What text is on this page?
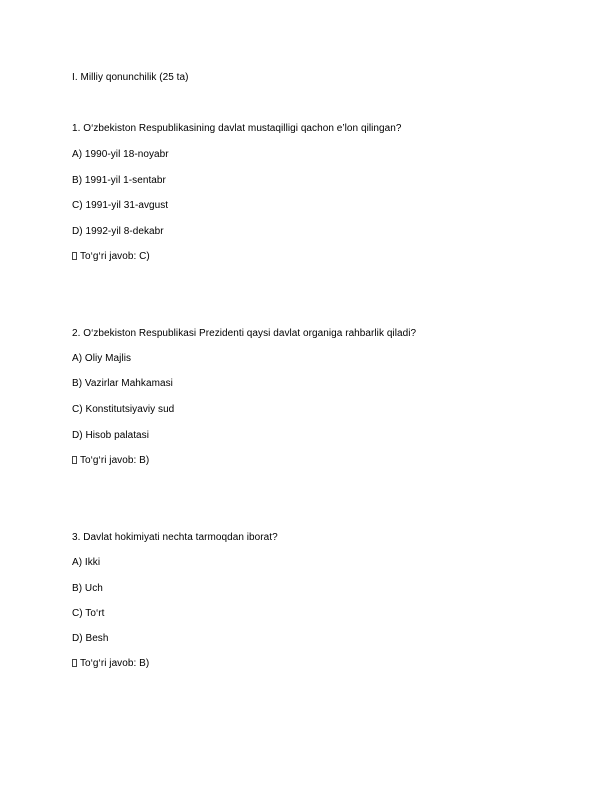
I. Milliy qonunchilik (25 ta)
1. O‘zbekiston Respublikasining davlat mustaqilligi qachon e’lon qilingan?
A) 1990-yil 18-noyabr
B) 1991-yil 1-sentabr
C) 1991-yil 31-avgust
D) 1992-yil 8-dekabr
To‘g‘ri javob: C)
2. O‘zbekiston Respublikasi Prezidenti qaysi davlat organiga rahbarlik qiladi?
A) Oliy Majlis
B) Vazirlar Mahkamasi
C) Konstitutsiyaviy sud
D) Hisob palatasi
To‘g‘ri javob: B)
3. Davlat hokimiyati nechta tarmoqdan iborat?
A) Ikki
B) Uch
C) To‘rt
D) Besh
To‘g‘ri javob: B)
